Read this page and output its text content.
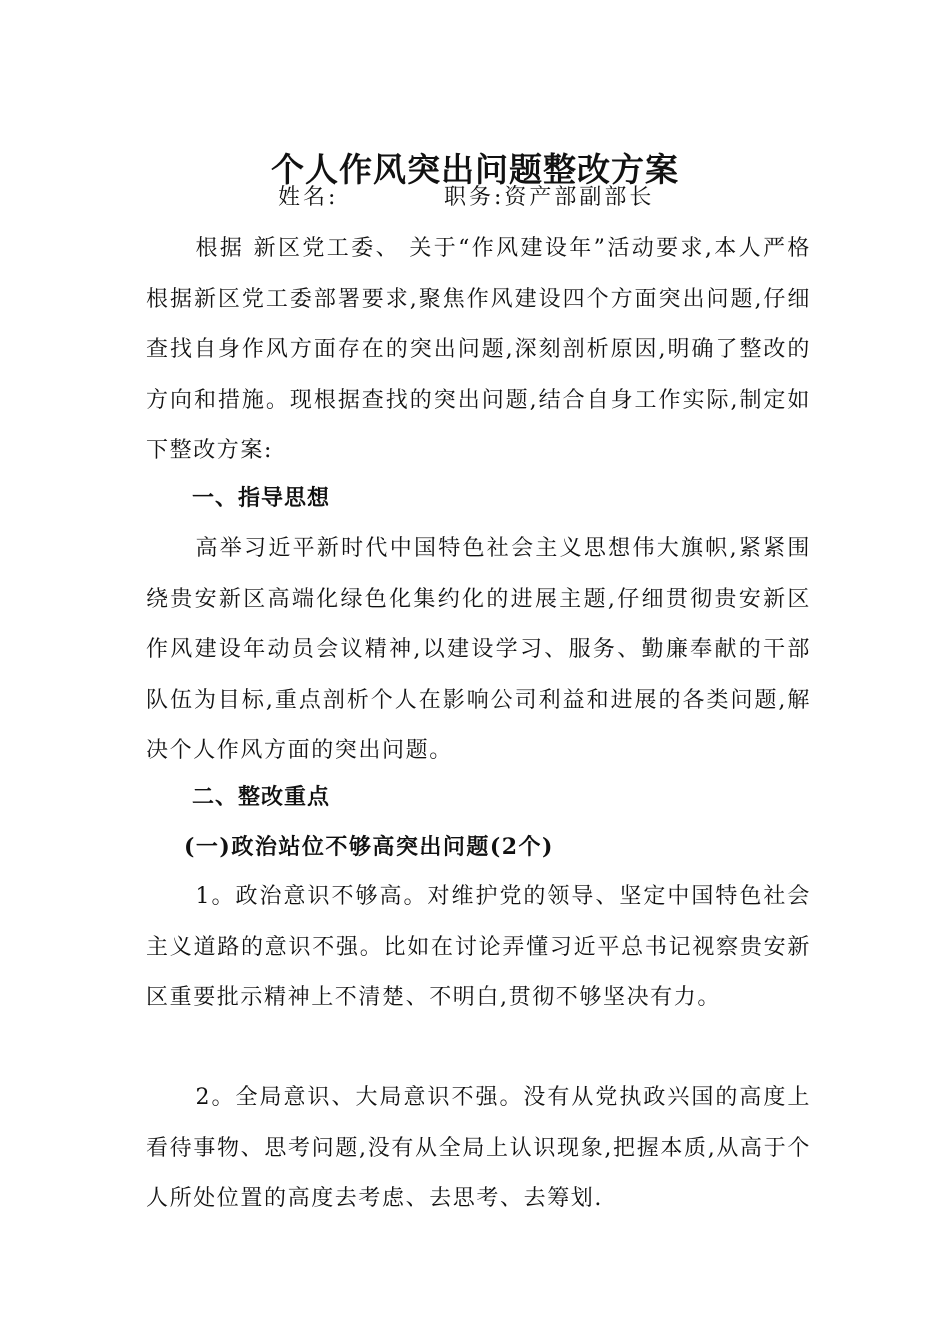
个人作风突出问题整改方案
姓名:	职务:资产部副部长

根据 新区党工委、 关于“作风建设年”活动要求,本人严格根据新区党工委部署要求,聚焦作风建设四个方面突出问题,仔细查找自身作风方面存在的突出问题,深刻剖析原因,明确了整改的方向和措施。现根据查找的突出问题,结合自身工作实际,制定如下整改方案:

一、指导思想

高举习近平新时代中国特色社会主义思想伟大旗帜,紧紧围绕贵安新区高端化绿色化集约化的进展主题,仔细贯彻贵安新区作风建设年动员会议精神,以建设学习、服务、勤廉奉献的干部队伍为目标,重点剖析个人在影响公司利益和进展的各类问题,解决个人作风方面的突出问题。

二、整改重点
(一)政治站位不够高突出问题(2个)

1。政治意识不够高。对维护党的领导、坚定中国特色社会主义道路的意识不强。比如在讨论弄懂习近平总书记视察贵安新区重要批示精神上不清楚、不明白,贯彻不够坚决有力。

2。全局意识、大局意识不强。没有从党执政兴国的高度上看待事物、思考问题,没有从全局上认识现象,把握本质,从高于个人所处位置的高度去考虑、去思考、去筹划.
